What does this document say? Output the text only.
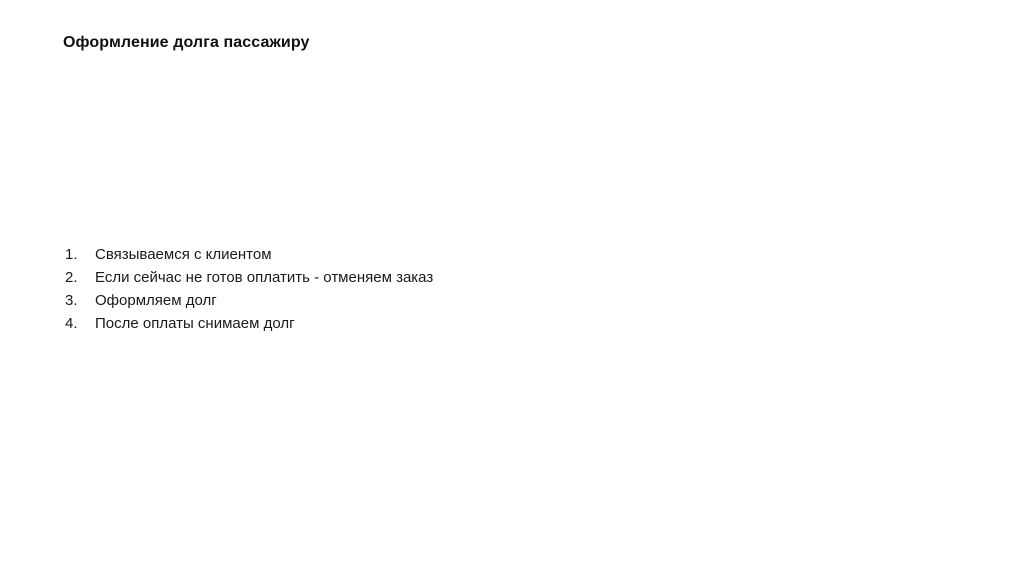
Оформление долга пассажиру
1.	Связываемся с клиентом
2.	Если сейчас не готов оплатить - отменяем заказ
3.	Оформляем долг
4.	После оплаты снимаем долг
